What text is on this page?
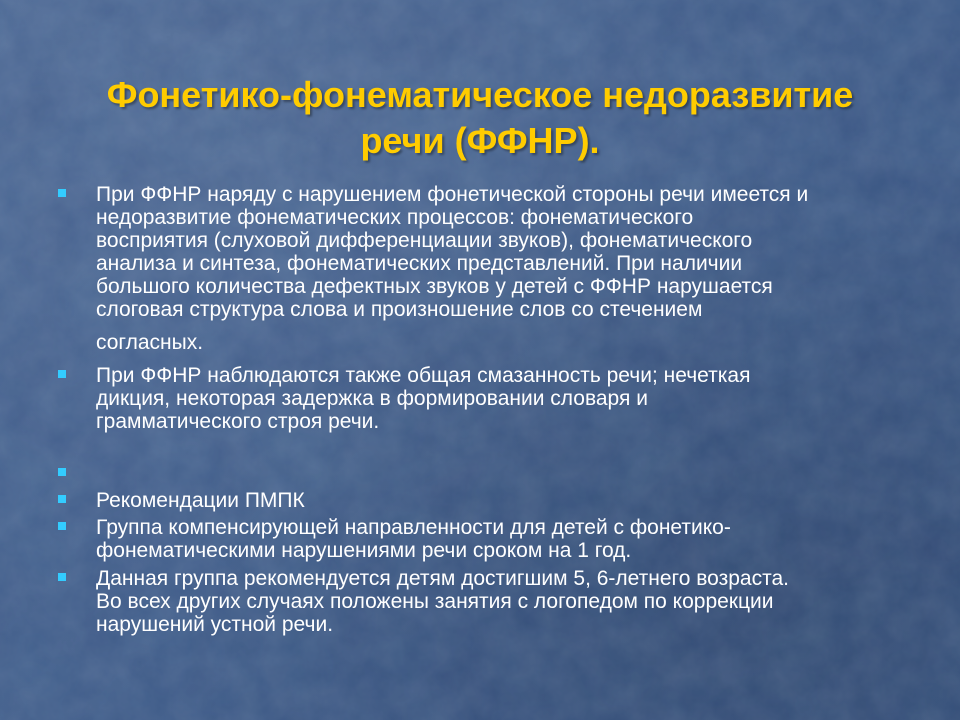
Фонетико-фонематическое недоразвитие
речи (ФФНР).

При ФФНР наряду с нарушением фонетической стороны речи имеется и

недоразвитие фонематических процессов: фонематического

восприятия (слуховой дифференциации звуков), фонематического

анализа и синтеза, фонематических представлений. При наличии

большого количества дефектных звуков у детей с ФФНР нарушается

слоговая структура слова и произношение слов со стечением

согласных.

При ФФНР наблюдаются также общая смазанность речи; нечеткая

дикция, некоторая задержка в формировании словаря и

грамматического строя речи.

Рекомендации ПМПК

Группа компенсирующей направленности для детей с фонетико-

фонематическими нарушениями речи сроком на 1 год.

Данная группа рекомендуется детям достигшим 5, 6-летнего возраста.

Во всех других случаях положены занятия с логопедом по коррекции

нарушений устной речи.
